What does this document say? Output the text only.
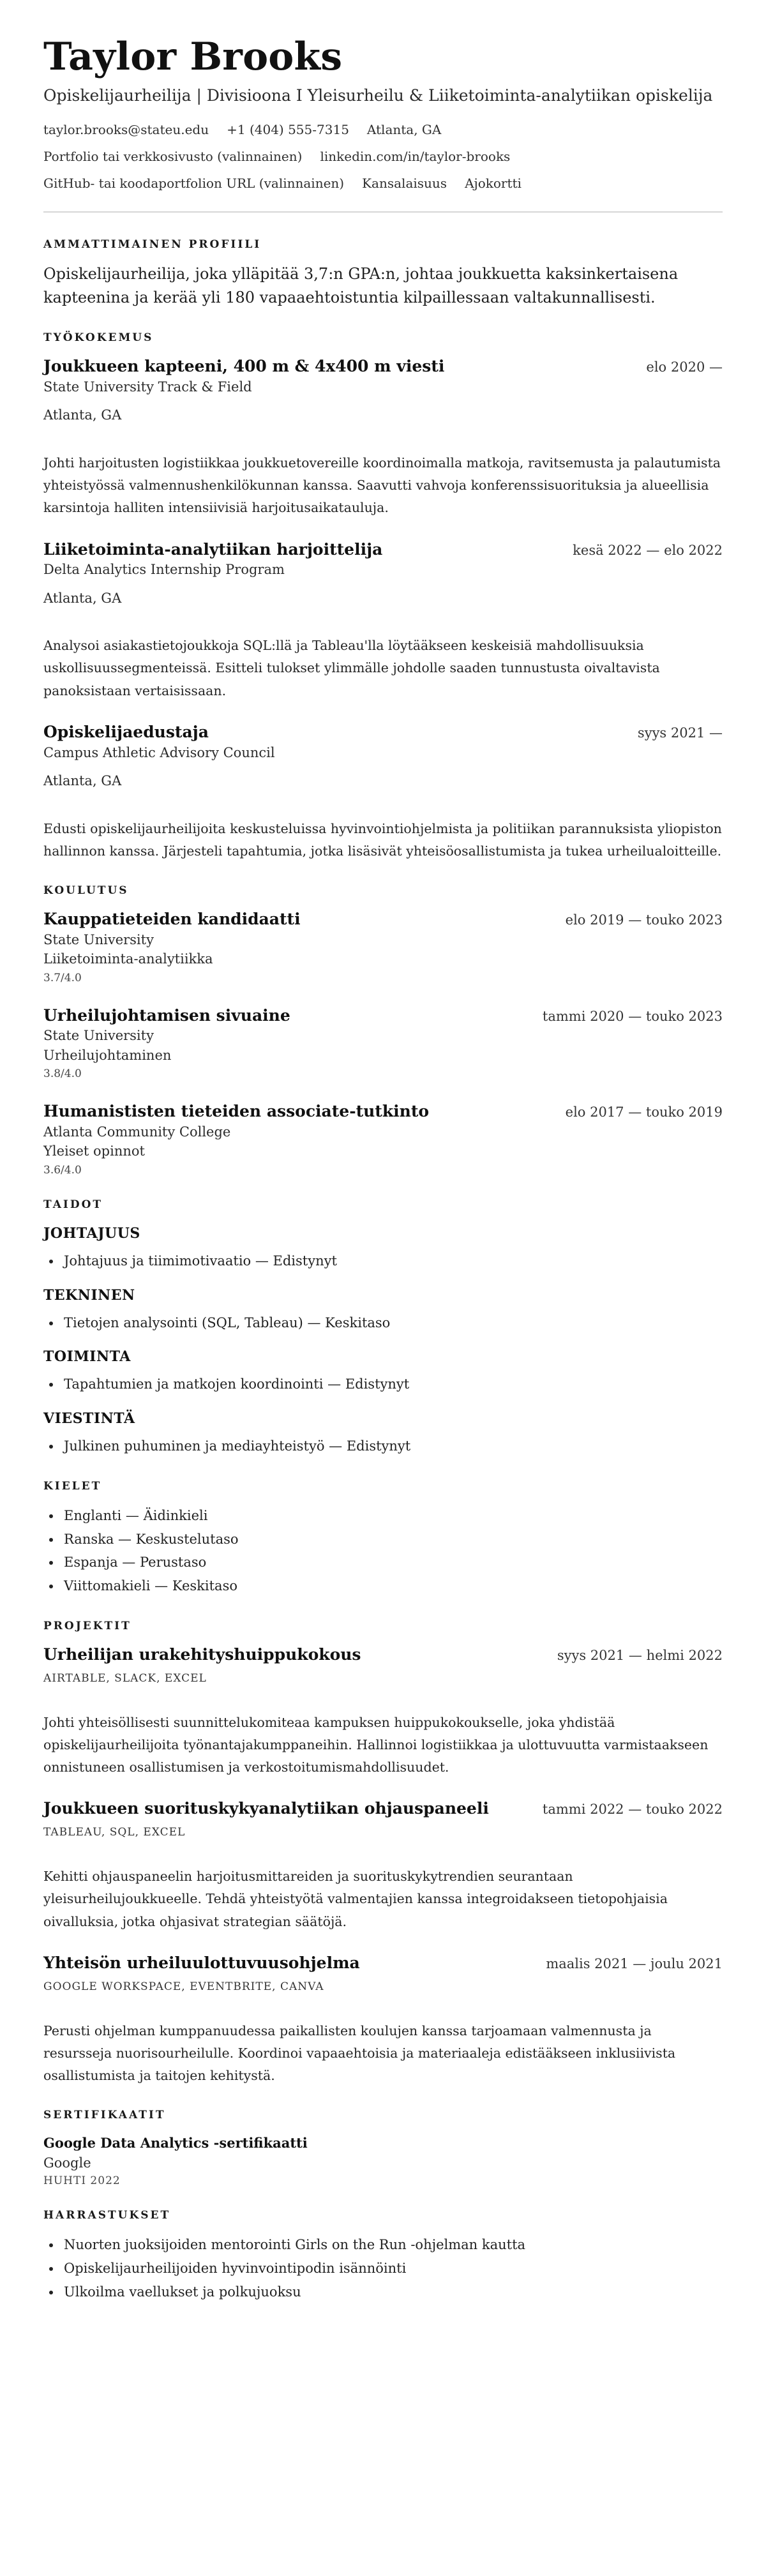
Taylor Brooks
Opiskelijaurheilija | Divisioona I Yleisurheilu & Liiketoiminta-analytiikan opiskelija
taylor.brooks@stateu.edu +1 (404) 555-7315 Atlanta, GA
Portfolio tai verkkosivusto (valinnainen) linkedin.com/in/taylor-brooks
GitHub- tai koodaportfolion URL (valinnainen) Kansalaisuus Ajokortti
AMMATTIMAINEN PROFIILI

Opiskelijaurheilija, joka ylläpitää 3,7:n GPA:n, johtaa joukkuetta kaksinkertaisena kapteenina ja kerää yli 180 vapaaehtoistuntia kilpaillessaan valtakunnallisesti.

TYÖKOKEMUS
Joukkueen kapteeni, 400 m & 4x400 m viesti	elo 2020 —
State University Track & Field
Atlanta, GA

Johti harjoitusten logistiikkaa joukkuetovereille koordinoimalla matkoja, ravitsemusta ja palautumista yhteistyössä valmennushenkilökunnan kanssa. Saavutti vahvoja konferenssisuorituksia ja alueellisia karsintoja halliten intensiivisiä harjoitusaikatauluja.

Liiketoiminta-analytiikan harjoittelija	kesä 2022 — elo 2022
Delta Analytics Internship Program
Atlanta, GA

Analysoi asiakastietojoukkoja SQL:llä ja Tableau'lla löytääkseen keskeisiä mahdollisuuksia uskollisuussegmenteissä. Esitteli tulokset ylimmälle johdolle saaden tunnustusta oivaltavista panoksistaan vertaisissaan.

Opiskelijaedustaja	syys 2021 —
Campus Athletic Advisory Council
Atlanta, GA

Edusti opiskelijaurheilijoita keskusteluissa hyvinvointiohjelmista ja politiikan parannuksista yliopiston hallinnon kanssa. Järjesteli tapahtumia, jotka lisäsivät yhteisöosallistumista ja tukea urheilualoitteille.

KOULUTUS
Kauppatieteiden kandidaatti	elo 2019 — touko 2023
State University
Liiketoiminta-analytiikka
3.7/4.0
Urheilujohtamisen sivuaine	tammi 2020 — touko 2023
State University
Urheilujohtaminen
3.8/4.0
Humanististen tieteiden associate-tutkinto	elo 2017 — touko 2019
Atlanta Community College
Yleiset opinnot
3.6/4.0
TAIDOT
JOHTAJUUS
• Johtajuus ja tiimimotivaatio — Edistynyt
TEKNINEN
• Tietojen analysointi (SQL, Tableau) — Keskitaso
TOIMINTA
• Tapahtumien ja matkojen koordinointi — Edistynyt
VIESTINTÄ
• Julkinen puhuminen ja mediayhteistyö — Edistynyt
KIELET
• Englanti — Äidinkieli
• Ranska — Keskustelutaso
• Espanja — Perustaso
• Viittomakieli — Keskitaso
PROJEKTIT
Urheilijan urakehityshuippukokous	syys 2021 — helmi 2022
AIRTABLE, SLACK, EXCEL

Johti yhteisöllisesti suunnittelukomiteaa kampuksen huippukokoukselle, joka yhdistää opiskelijaurheilijoita työnantajakumppaneihin. Hallinnoi logistiikkaa ja ulottuvuutta varmistaakseen onnistuneen osallistumisen ja verkostoitumismahdollisuudet.

Joukkueen suorituskykyanalytiikan ohjauspaneeli	tammi 2022 — touko 2022
TABLEAU, SQL, EXCEL

Kehitti ohjauspaneelin harjoitusmittareiden ja suorituskykytrendien seurantaan yleisurheilujoukkueelle. Tehdä yhteistyötä valmentajien kanssa integroidakseen tietopohjaisia oivalluksia, jotka ohjasivat strategian säätöjä.

Yhteisön urheiluulottuvuusohjelma	maalis 2021 — joulu 2021
GOOGLE WORKSPACE, EVENTBRITE, CANVA

Perusti ohjelman kumppanuudessa paikallisten koulujen kanssa tarjoamaan valmennusta ja resursseja nuorisourheilulle. Koordinoi vapaaehtoisia ja materiaaleja edistääkseen inklusiivista osallistumista ja taitojen kehitystä.

SERTIFIKAATIT
Google Data Analytics -sertifikaatti
Google
HUHTI 2022
HARRASTUKSET
• Nuorten juoksijoiden mentorointi Girls on the Run -ohjelman kautta
• Opiskelijaurheilijoiden hyvinvointipodin isännöinti
• Ulkoilma vaellukset ja polkujuoksu
